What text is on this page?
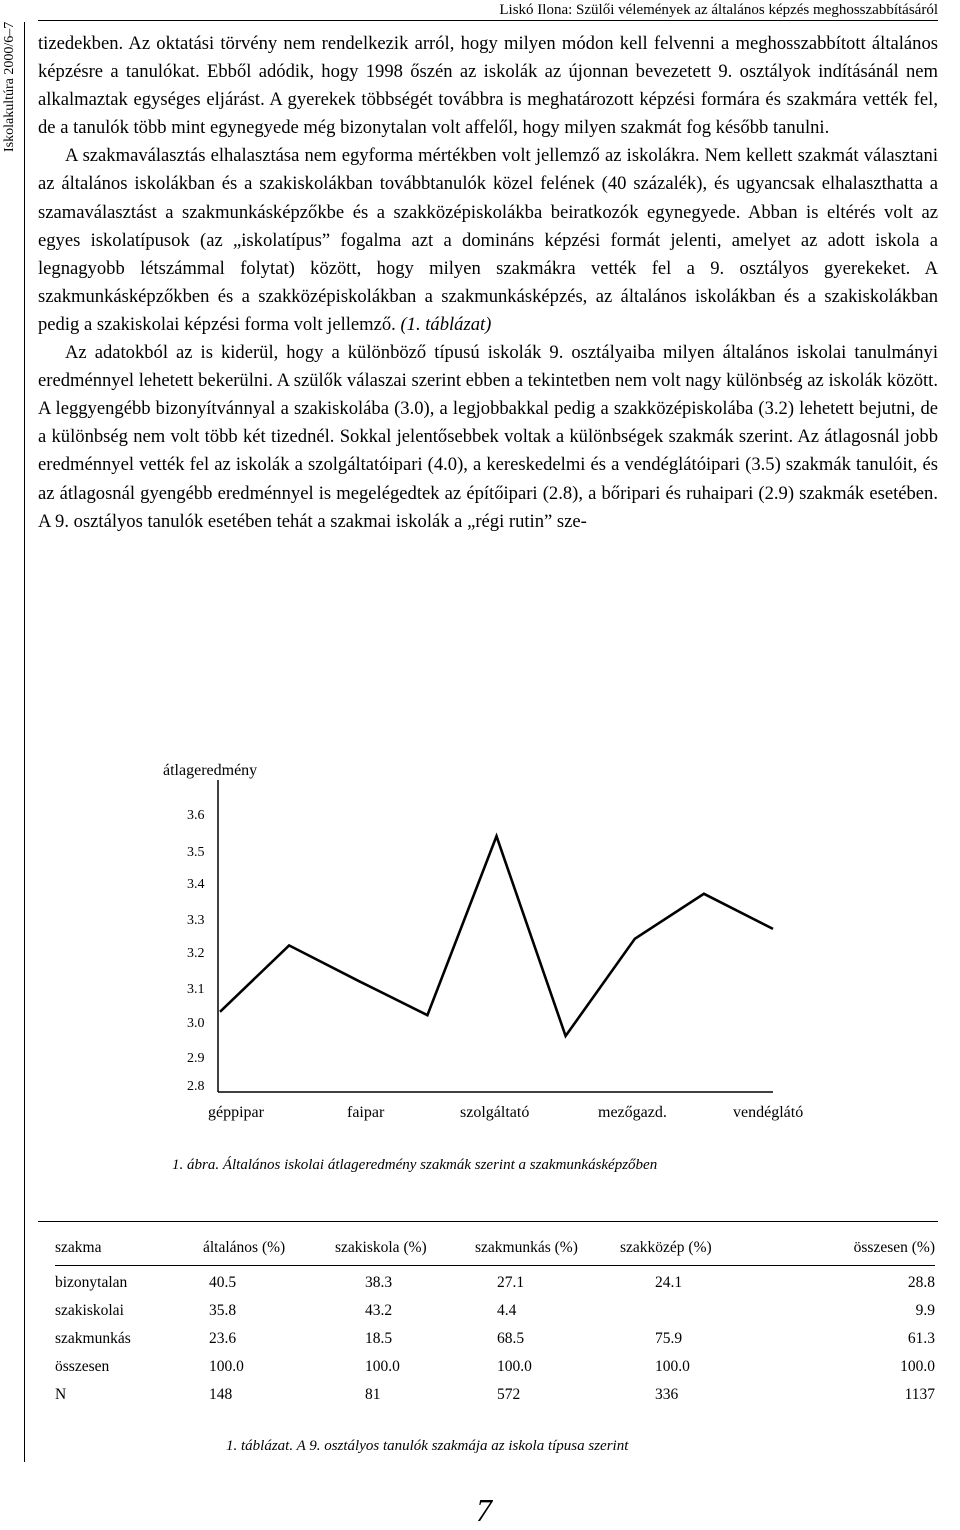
Liskó Ilona: Szülői vélemények az általános képzés meghosszabbításáról
Iskolakultúra 2000/6–7 tizedekben. Az oktatási törvény nem rendelkezik arról, hogy milyen módon kell felvenni a meghosszabbított általános képzésre a tanulókat. Ebből adódik, hogy 1998 őszén az iskolák az újonnan bevezetett 9. osztályok indításánál nem alkalmaztak egységes eljárást. A gyerekek többségét továbbra is meghatározott képzési formára és szakmára vették fel, de a tanulók több mint egynegyede még bizonytalan volt affelől, hogy milyen szakmát fog később tanulni.

A szakmaválasztás elhalasztása nem egyforma mértékben volt jellemző az iskolákra. Nem kellett szakmát választani az általános iskolákban és a szakiskolákban továbbtanulók közel felének (40 százalék), és ugyancsak elhalaszthatta a szamaválasztást a szakmunkásképzőkbe és a szakközépiskolákba beiratkozók egynegyede. Abban is eltérés volt az egyes iskolatípusok (az „iskolatípus” fogalma azt a domináns képzési formát jelenti, amelyet az adott iskola a legnagyobb létszámmal folytat) között, hogy milyen szakmákra vették fel a 9. osztályos gyerekeket. A szakmunkásképzőkben és a szakközépiskolákban a szakmunkásképzés, az általános iskolákban és a szakiskolákban pedig a szakiskolai képzési forma volt jellemző. (1. táblázat)

Az adatokból az is kiderül, hogy a különböző típusú iskolák 9. osztályaiba milyen általános iskolai tanulmányi eredménnyel lehetett bekerülni. A szülők válaszai szerint ebben a tekintetben nem volt nagy különbség az iskolák között. A leggyengébb bizonyítvánnyal a szakiskolába (3.0), a legjobbakkal pedig a szakközépiskolába (3.2) lehetett bejutni, de a különbség nem volt több két tizednél. Sokkal jelentősebbek voltak a különbségek szakmák szerint. Az átlagosnál jobb eredménnyel vették fel az iskolák a szolgáltatóipari (4.0), a kereskedelmi és a vendéglátóipari (3.5) szakmák tanulóit, és az átlagosnál gyengébb eredménnyel is megelégedtek az építőipari (2.8), a bőripari és ruhaipari (2.9) szakmák esetében. A 9. osztályos tanulók esetében tehát a szakmai iskolák a „régi rutin” sze-

átlageredmény
2.8
2.9
3.0
3.1
3.2
3.3
3.4
3.5
3.6
géppipar	faipar	szolgáltató	mezőgazd.	vendéglátó
1. ábra. Általános iskolai átlageredmény szakmák szerint a szakmunkásképzőben
szakma	általános (%)	szakiskola (%)	szakmunkás (%)	szakközép (%)	összesen (%)
bizonytalan	40.5	38.3	27.1	24.1	28.8
szakiskolai	35.8	43.2	4.4		9.9
szakmunkás	23.6	18.5	68.5	75.9	61.3
összesen	100.0	100.0	100.0	100.0	100.0
N	148	81	572	336	1137
1. táblázat. A 9. osztályos tanulók szakmája az iskola típusa szerint
7
